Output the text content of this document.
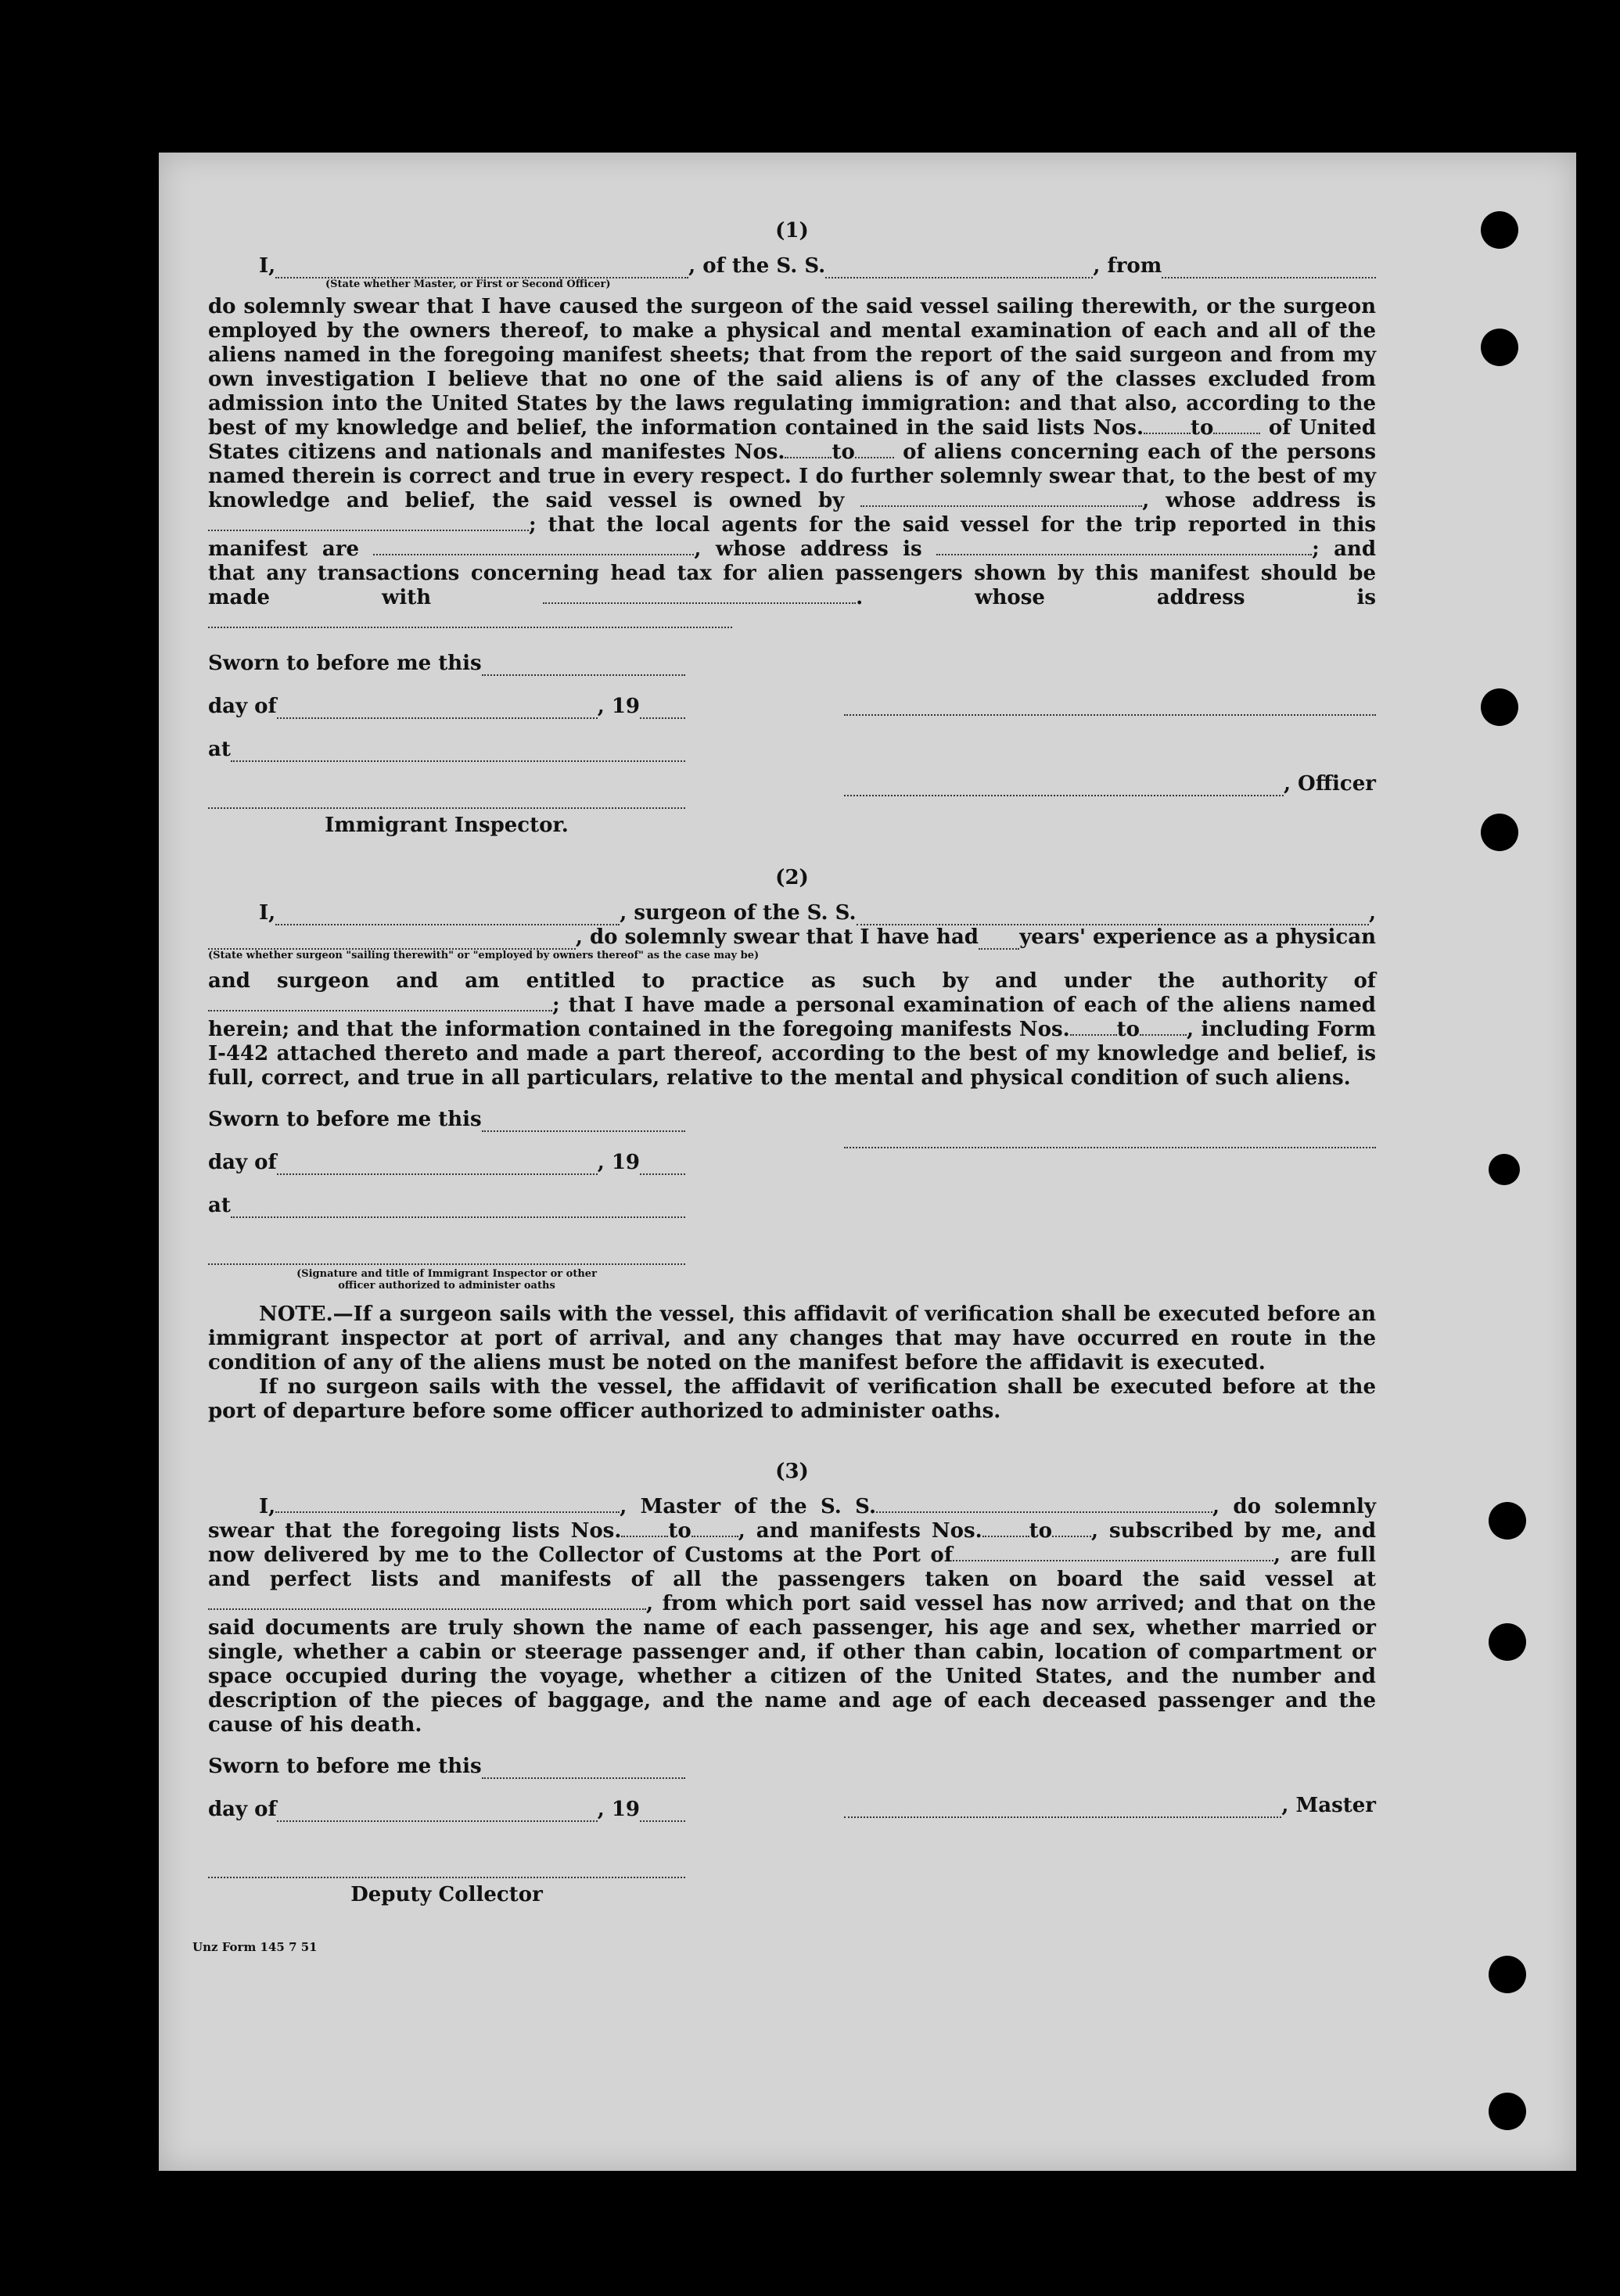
(1)
I,	, of the S. S.	, from
(State whether Master, or First or Second Officer)

do solemnly swear that I have caused the surgeon of the said vessel sailing therewith, or the surgeon employed by the owners thereof, to make a physical and mental examination of each and all of the aliens named in the foregoing manifest sheets; that from the report of the said surgeon and from my own investigation I believe that no one of the said aliens is of any of the classes excluded from admission into the United States by the laws regulating immigration: and that also, according to the best of my knowledge and belief, the information contained in the said lists Nos. to	of United States citizens and nationals and manifestes Nos. to of aliens concerning each of the persons named therein is correct and true in every respect. I do further solemnly swear that, to the best of my knowledge and belief, the said vessel is owned by	, whose address is ; that the local agents for the said vessel for the trip reported in this manifest are	, whose address is	; and that any transactions concerning head tax for alien passengers shown by this manifest should be made with	. whose address is

Sworn to before me this
day of	, 19
at
Immigrant Inspector.
, Officer
(2)
I,	, surgeon of the S. S.	,
, do solemnly swear that I have had years' experience as a physican
(State whether surgeon "sailing therewith" or "employed by owners thereof" as the case may be)

and surgeon and am entitled to practice as such by and under the authority of; that I have made a personal examination of each of the aliens named herein; and that the information contained in the foregoing manifests Nos. to , including Form I-442 attached thereto and made a part thereof, according to the best of my knowledge and belief, is full, correct, and true in all particulars, relative to the mental and physical condition of such aliens.

Sworn to before me this
day of	, 19
at
(Signature and title of Immigrant Inspector or other officer authorized to administer oaths

NOTE.—If a surgeon sails with the vessel, this affidavit of verification shall be executed before an immigrant inspector at port of arrival, and any changes that may have occurred en route in the condition of any of the aliens must be noted on the manifest before the affidavit is executed.

If no surgeon sails with the vessel, the affidavit of verification shall be executed before at the port of departure before some officer authorized to administer oaths.

(3)

I,	, Master of the S. S.	, do solemnly swear that the foregoing lists Nos. to , and manifests Nos. to , subscribed by me, and now delivered by me to the Collector of Customs at the Port of	, are full and perfect lists and manifests of all the passengers taken on board the said vessel at, from which port said vessel has now arrived; and that on the said documents are truly shown the name of each passenger, his age and sex, whether married or single, whether a cabin or steerage passenger and, if other than cabin, location of compartment or space occupied during the voyage, whether a citizen of the United States, and the number and description of the pieces of baggage, and the name and age of each deceased passenger and the cause of his death.

Sworn to before me this
day of	, 19
Deputy Collector
, Master
Unz Form 145 7 51
